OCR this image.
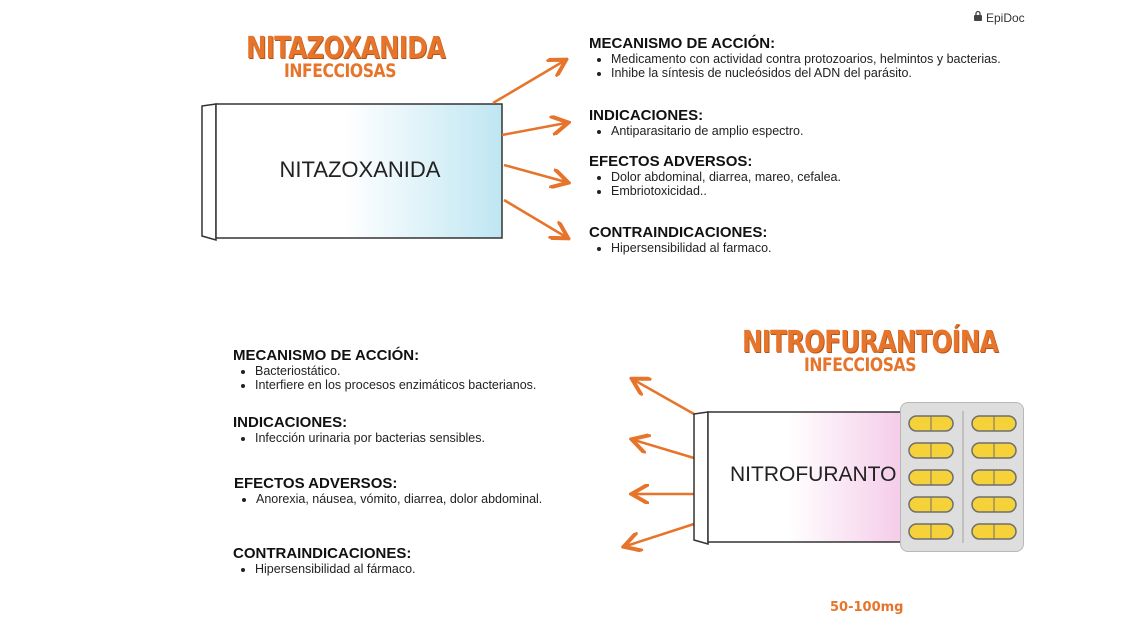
EpiDoc
NITAZOXANIDA
INFECCIOSAS
NITAZOXANIDA
MECANISMO DE ACCIÓN:
• Medicamento con actividad contra protozoarios, helmintos y bacterias.
• Inhibe la síntesis de nucleósidos del ADN del parásito.
INDICACIONES:
• Antiparasitario de amplio espectro.
EFECTOS ADVERSOS:
• Dolor abdominal, diarrea, mareo, cefalea.
• Embriotoxicidad..
CONTRAINDICACIONES:
• Hipersensibilidad al farmaco.
NITROFURANTOÍNA
INFECCIOSAS
MECANISMO DE ACCIÓN:
• Bacteriostático.
• Interfiere en los procesos enzimáticos bacterianos.
INDICACIONES:
• Infección urinaria por bacterias sensibles.
EFECTOS ADVERSOS:
• Anorexia, náusea, vómito, diarrea, dolor abdominal.
CONTRAINDICACIONES:
• Hipersensibilidad al fármaco.
NITROFURANTO
50-100mg
